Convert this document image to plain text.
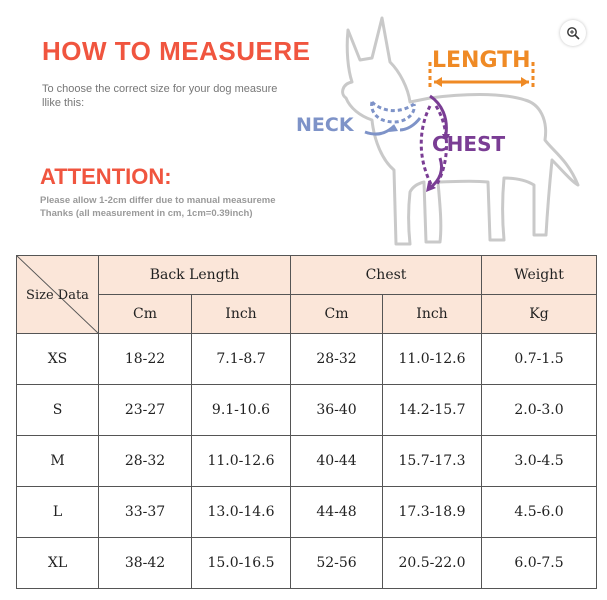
HOW TO MEASUERE
To choose the correct size for your dog measure llike this:
ATTENTION:
Please allow 1-2cm differ due to manual measureme
Thanks (all measurement in cm, 1cm=0.39inch)
LENGTH
NECK
CHEST
Size Data	Back Length		Chest		Weight
	Cm	Inch	Cm	Inch	Kg
XS	18-22	7.1-8.7	28-32	11.0-12.6	0.7-1.5
S	23-27	9.1-10.6	36-40	14.2-15.7	2.0-3.0
M	28-32	11.0-12.6	40-44	15.7-17.3	3.0-4.5
L	33-37	13.0-14.6	44-48	17.3-18.9	4.5-6.0
XL	38-42	15.0-16.5	52-56	20.5-22.0	6.0-7.5
